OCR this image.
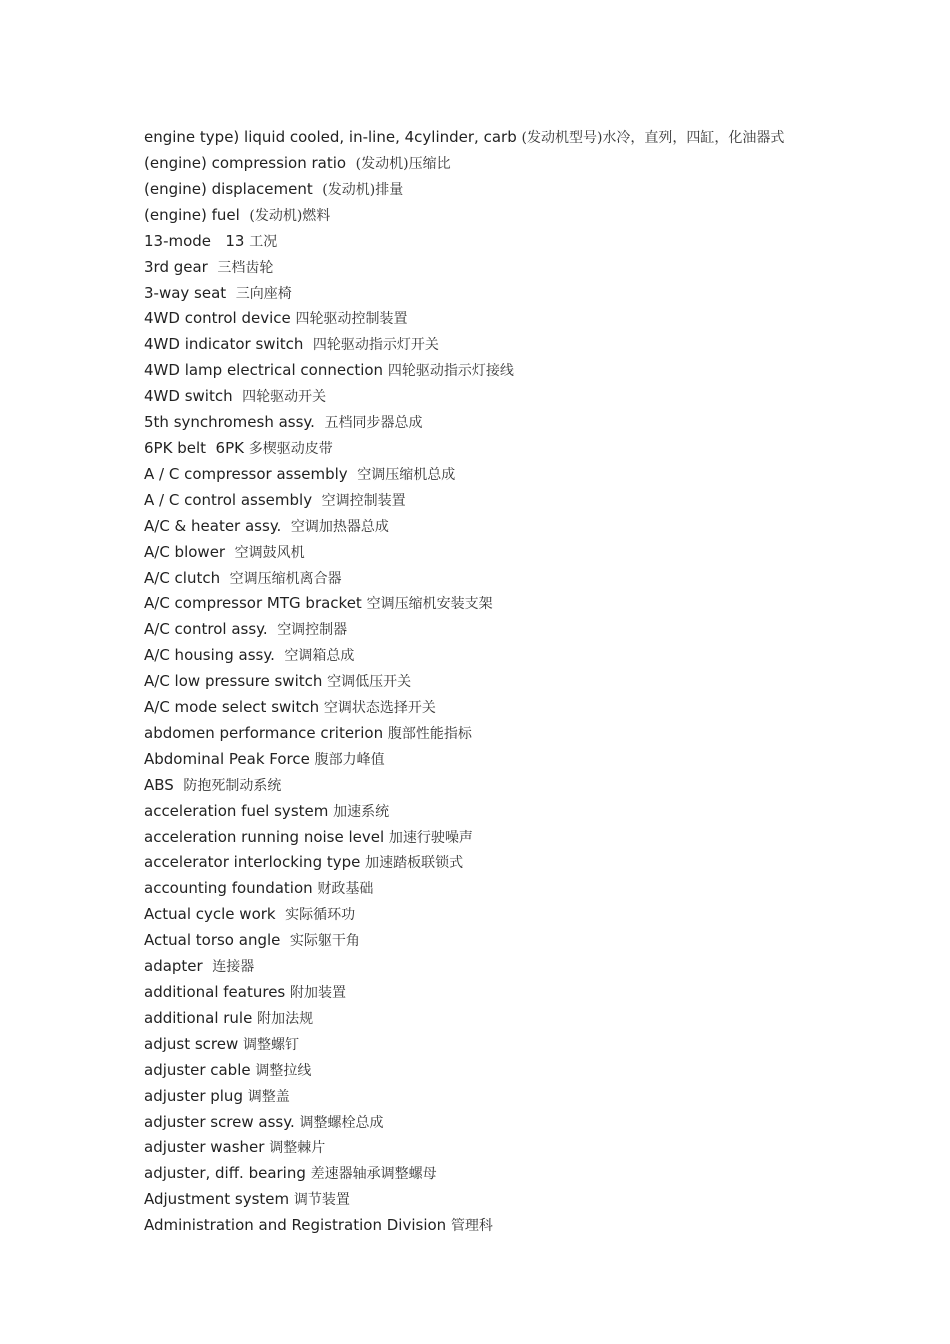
engine type) liquid cooled, in-line, 4cylinder, carb (发动机型号)水冷，直列，四缸，化油器式
(engine) compression ratio  (发动机)压缩比
(engine) displacement  (发动机)排量
(engine) fuel  (发动机)燃料
13-mode   13 工况
3rd gear  三档齿轮
3-way seat  三向座椅
4WD control device 四轮驱动控制装置
4WD indicator switch  四轮驱动指示灯开关
4WD lamp electrical connection 四轮驱动指示灯接线
4WD switch  四轮驱动开关
5th synchromesh assy.  五档同步器总成
6PK belt  6PK 多楔驱动皮带
A / C compressor assembly  空调压缩机总成
A / C control assembly  空调控制装置
A/C & heater assy.  空调加热器总成
A/C blower  空调鼓风机
A/C clutch  空调压缩机离合器
A/C compressor MTG bracket 空调压缩机安装支架
A/C control assy.  空调控制器
A/C housing assy.  空调箱总成
A/C low pressure switch 空调低压开关
A/C mode select switch 空调状态选择开关
abdomen performance criterion 腹部性能指标
Abdominal Peak Force 腹部力峰值
ABS  防抱死制动系统
acceleration fuel system 加速系统
acceleration running noise level 加速行驶噪声
accelerator interlocking type 加速踏板联锁式
accounting foundation 财政基础
Actual cycle work  实际循环功
Actual torso angle  实际躯干角
adapter  连接器
additional features 附加装置
additional rule 附加法规
adjust screw 调整螺钉
adjuster cable 调整拉线
adjuster plug 调整盖
adjuster screw assy. 调整螺栓总成
adjuster washer 调整棘片
adjuster, diff. bearing 差速器轴承调整螺母
Adjustment system 调节装置
Administration and Registration Division 管理科
